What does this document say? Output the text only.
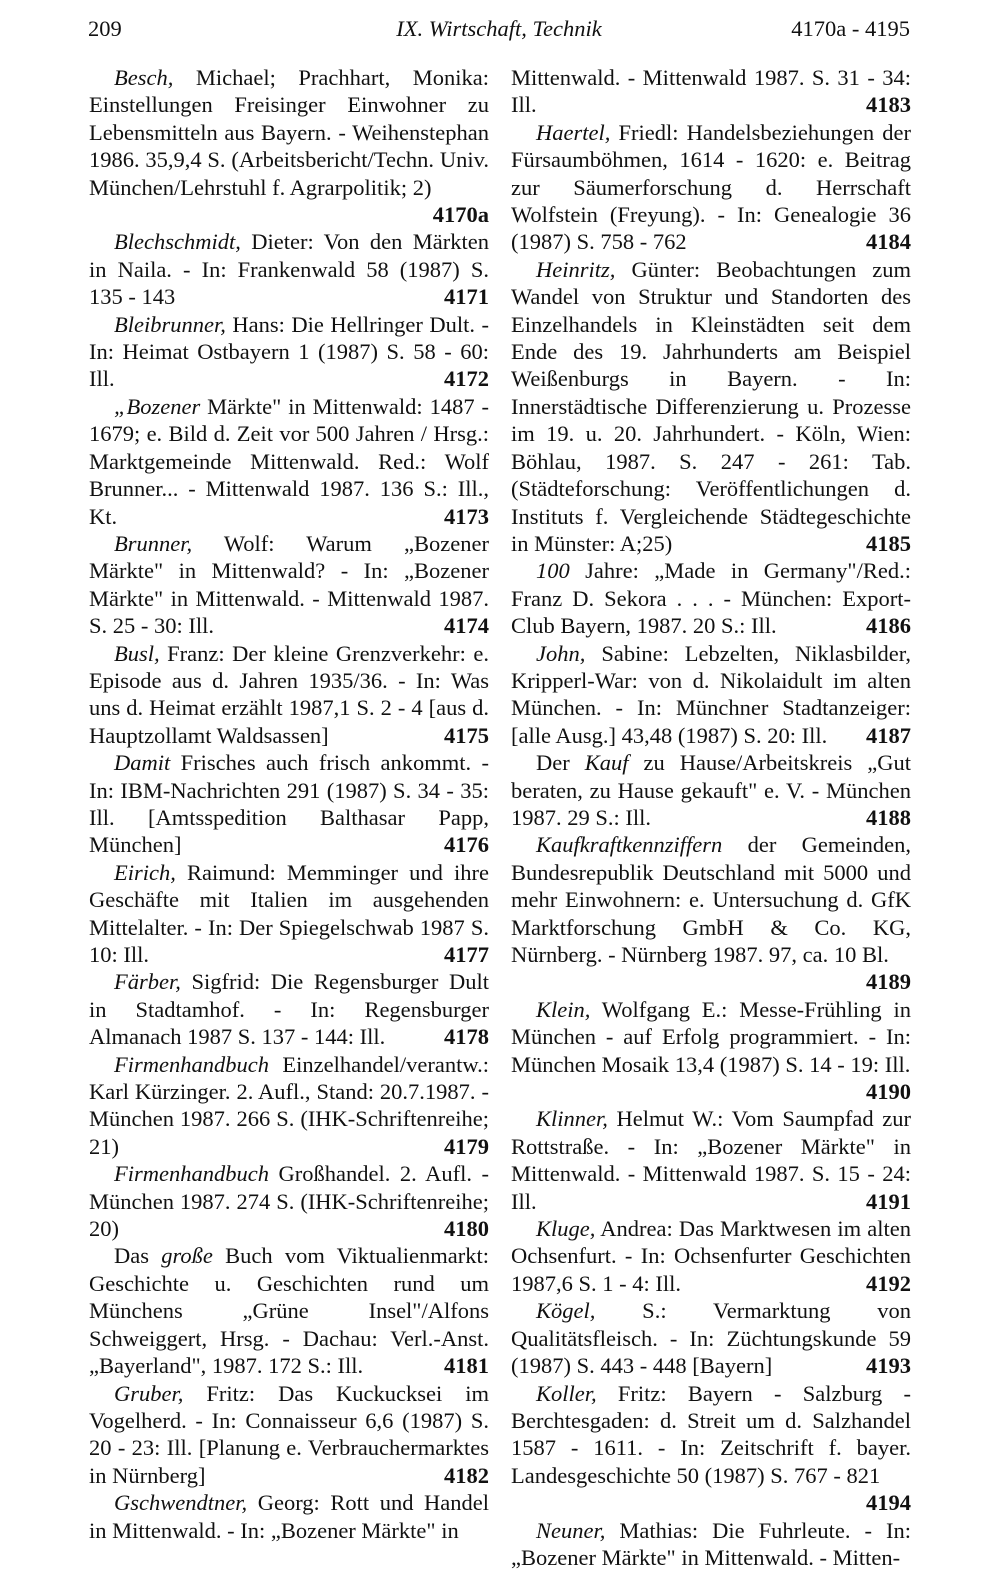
209	IX. Wirtschaft, Technik	4170a - 4195
Besch, Michael; Prachhart, Monika: Einstellungen Freisinger Einwohner zu Lebensmitteln aus Bayern. - Weihenstephan 1986. 35,9,4 S. (Arbeitsbericht/Techn. Univ. München/Lehrstuhl f. Agrarpolitik; 2)
4170a
Blechschmidt, Dieter: Von den Märkten in Naila. - In: Frankenwald 58 (1987) S. 135 - 143	4171
Bleibrunner, Hans: Die Hellringer Dult. - In: Heimat Ostbayern 1 (1987) S. 58 - 60: Ill.	4172
„Bozener Märkte" in Mittenwald: 1487 - 1679; e. Bild d. Zeit vor 500 Jahren / Hrsg.: Marktgemeinde Mittenwald. Red.: Wolf Brunner... - Mittenwald 1987. 136 S.: Ill., Kt.	4173
Brunner, Wolf: Warum „Bozener Märkte" in Mittenwald? - In: „Bozener Märkte" in Mittenwald. - Mittenwald 1987. S. 25 - 30: Ill.	4174
Busl, Franz: Der kleine Grenzverkehr: e. Episode aus d. Jahren 1935/36. - In: Was uns d. Heimat erzählt 1987,1 S. 2 - 4 [aus d. Hauptzollamt Waldsassen]	4175
Damit Frisches auch frisch ankommt. - In: IBM-Nachrichten 291 (1987) S. 34 - 35: Ill. [Amtsspedition Balthasar Papp, München]	4176
Eirich, Raimund: Memminger und ihre Geschäfte mit Italien im ausgehenden Mittelalter. - In: Der Spiegelschwab 1987 S. 10: Ill.	4177
Färber, Sigfrid: Die Regensburger Dult in Stadtamhof. - In: Regensburger Almanach 1987 S. 137 - 144: Ill.	4178
Firmenhandbuch Einzelhandel/verantw.: Karl Kürzinger. 2. Aufl., Stand: 20.7.1987. - München 1987. 266 S. (IHK-Schriftenreihe; 21)	4179
Firmenhandbuch Großhandel. 2. Aufl. - München 1987. 274 S. (IHK-Schriftenreihe; 20)	4180
Das große Buch vom Viktualienmarkt: Geschichte u. Geschichten rund um Münchens „Grüne Insel"/Alfons Schweiggert, Hrsg. - Dachau: Verl.-Anst. „Bayerland", 1987. 172 S.: Ill.	4181
Gruber, Fritz: Das Kuckucksei im Vogelherd. - In: Connaisseur 6,6 (1987) S. 20 - 23: Ill. [Planung e. Verbrauchermarktes in Nürnberg]	4182
Gschwendtner, Georg: Rott und Handel in Mittenwald. - In: „Bozener Märkte" in
Mittenwald. - Mittenwald 1987. S. 31 - 34: Ill.	4183
Haertel, Friedl: Handelsbeziehungen der Fürsaumböhmen, 1614 - 1620: e. Beitrag zur Säumerforschung d. Herrschaft Wolfstein (Freyung). - In: Genealogie 36 (1987) S. 758 - 762	4184
Heinritz, Günter: Beobachtungen zum Wandel von Struktur und Standorten des Einzelhandels in Kleinstädten seit dem Ende des 19. Jahrhunderts am Beispiel Weißenburgs in Bayern. - In: Innerstädtische Differenzierung u. Prozesse im 19. u. 20. Jahrhundert. - Köln, Wien: Böhlau, 1987. S. 247 - 261: Tab. (Städteforschung: Veröffentlichungen d. Instituts f. Vergleichende Städtegeschichte in Münster: A;25)	4185
100 Jahre: „Made in Germany"/Red.: Franz D. Sekora . . . - München: Export-Club Bayern, 1987. 20 S.: Ill.	4186
John, Sabine: Lebzelten, Niklasbilder, Kripperl-War: von d. Nikolaidult im alten München. - In: Münchner Stadtanzeiger: [alle Ausg.] 43,48 (1987) S. 20: Ill.	4187
Der Kauf zu Hause/Arbeitskreis „Gut beraten, zu Hause gekauft" e. V. - München 1987. 29 S.: Ill.	4188
Kaufkraftkennziffern der Gemeinden, Bundesrepublik Deutschland mit 5000 und mehr Einwohnern: e. Untersuchung d. GfK Marktforschung GmbH & Co. KG, Nürnberg. - Nürnberg 1987. 97, ca. 10 Bl.
4189
Klein, Wolfgang E.: Messe-Frühling in München - auf Erfolg programmiert. - In: München Mosaik 13,4 (1987) S. 14 - 19: Ill.
4190
Klinner, Helmut W.: Vom Saumpfad zur Rottstraße. - In: „Bozener Märkte" in Mittenwald. - Mittenwald 1987. S. 15 - 24: Ill.	4191
Kluge, Andrea: Das Marktwesen im alten Ochsenfurt. - In: Ochsenfurter Geschichten 1987,6 S. 1 - 4: Ill.	4192
Kögel, S.: Vermarktung von Qualitätsfleisch. - In: Züchtungskunde 59 (1987) S. 443 - 448 [Bayern]	4193
Koller, Fritz: Bayern - Salzburg - Berchtesgaden: d. Streit um d. Salzhandel 1587 - 1611. - In: Zeitschrift f. bayer. Landesgeschichte 50 (1987) S. 767 - 821
4194
Neuner, Mathias: Die Fuhrleute. - In: „Bozener Märkte" in Mittenwald. - Mitten-
